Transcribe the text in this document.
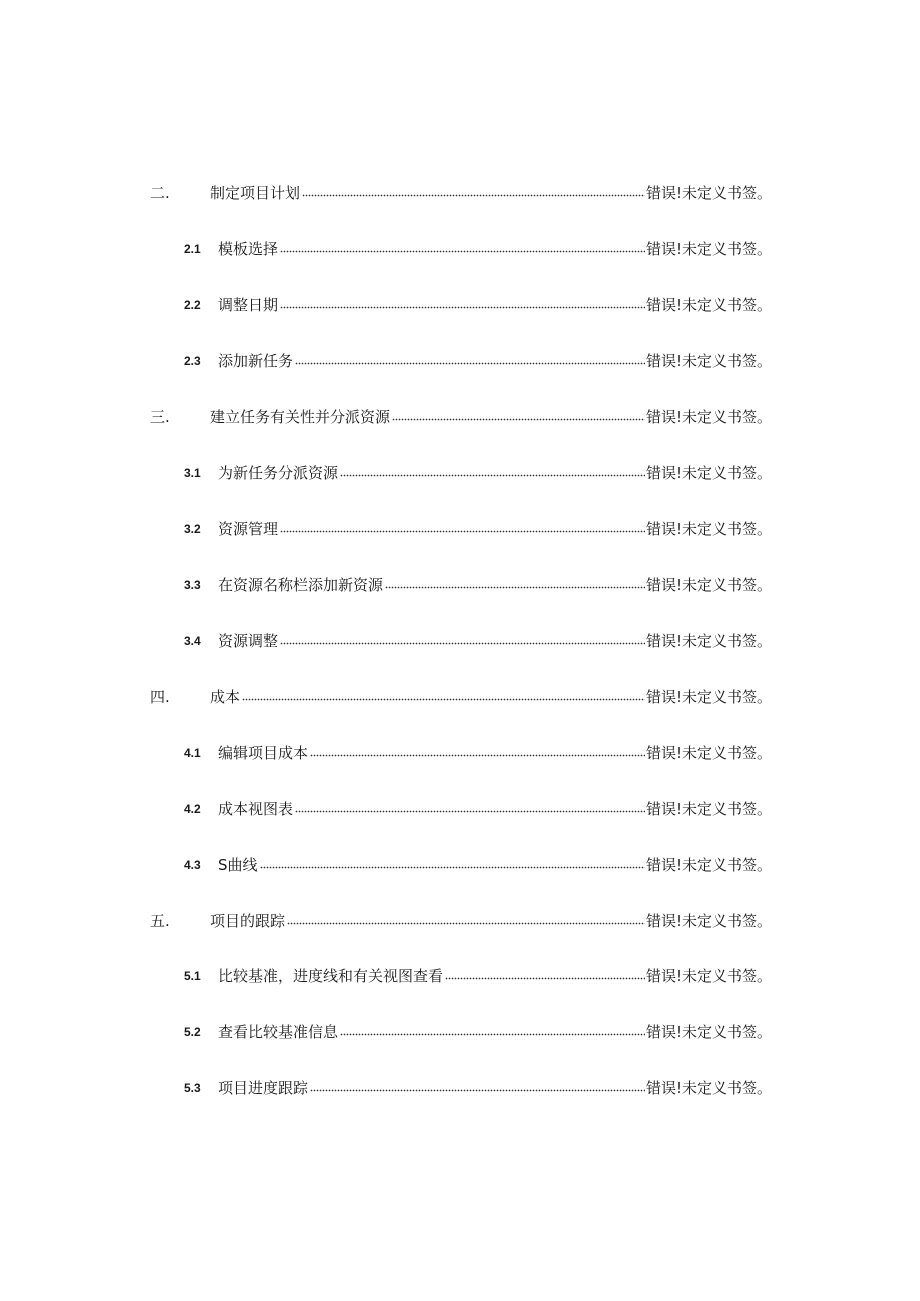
二.	制定项目计划	错误!未定义书签。
2.1 模板选择	错误!未定义书签。
2.2 调整日期	错误!未定义书签。
2.3 添加新任务	错误!未定义书签。
三.	建立任务有关性并分派资源	错误!未定义书签。
3.1 为新任务分派资源	错误!未定义书签。
3.2 资源管理	错误!未定义书签。
3.3 在资源名称栏添加新资源	错误!未定义书签。
3.4 资源调整	错误!未定义书签。
四.	成本	错误!未定义书签。
4.1 编辑项目成本	错误!未定义书签。
4.2 成本视图表	错误!未定义书签。
4.3 S曲线	错误!未定义书签。
五.	项目的跟踪	错误!未定义书签。
5.1 比较基准，进度线和有关视图查看	错误!未定义书签。
5.2 查看比较基准信息	错误!未定义书签。
5.3 项目进度跟踪	错误!未定义书签。
